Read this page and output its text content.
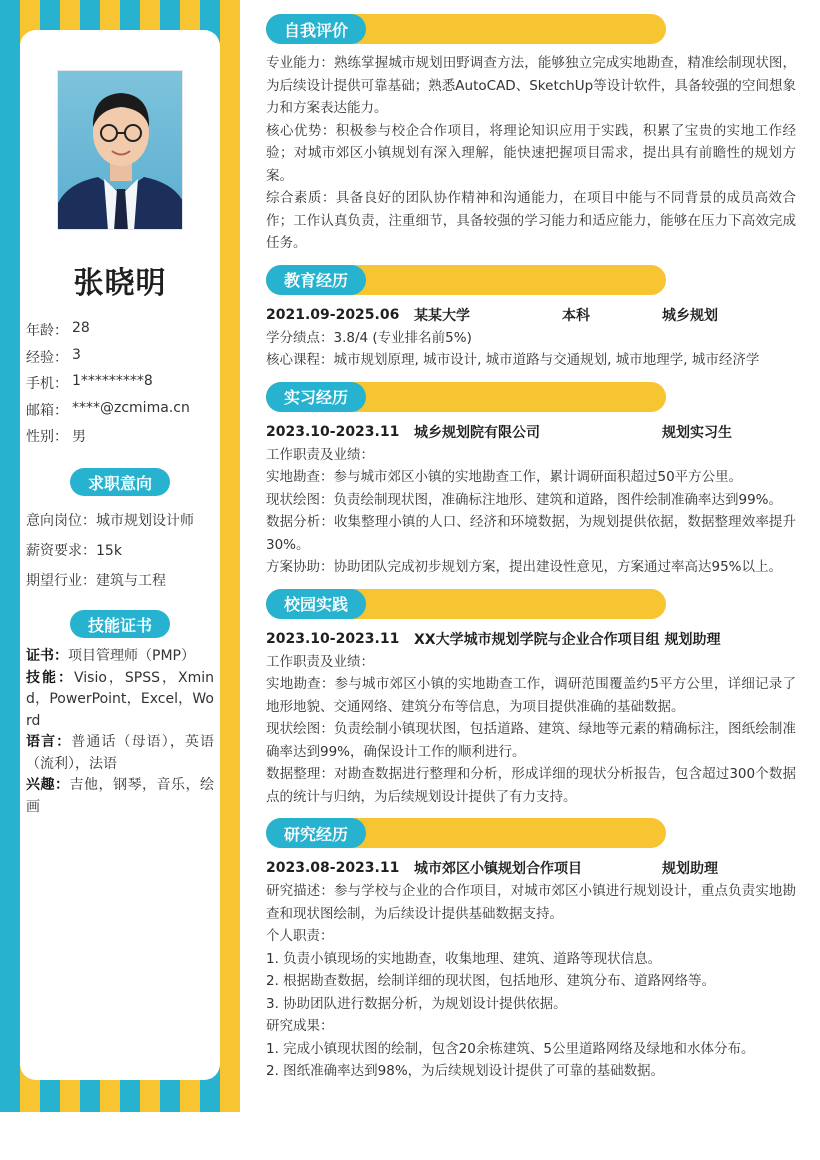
张晓明
年龄： 28
经验： 3
手机： 1*********8
邮箱： ****@zcmima.cn
性别： 男
求职意向
意向岗位：城市规划设计师
薪资要求：15k
期望行业：建筑与工程
技能证书

证书：项目管理师（PMP）

技能：Visio，SPSS，Xmind，PowerPoint，Excel，Word

语言：普通话（母语），英语（流利），法语

兴趣：吉他，钢琴，音乐，绘画

自我评价

专业能力：熟练掌握城市规划田野调查方法，能够独立完成实地勘查，精准绘制现状图，为后续设计提供可靠基础；熟悉AutoCAD、SketchUp等设计软件，具备较强的空间想象力和方案表达能力。

核心优势：积极参与校企合作项目，将理论知识应用于实践，积累了宝贵的实地工作经验；对城市郊区小镇规划有深入理解，能快速把握项目需求，提出具有前瞻性的规划方案。

综合素质：具备良好的团队协作精神和沟通能力，在项目中能与不同背景的成员高效合作；工作认真负责，注重细节，具备较强的学习能力和适应能力，能够在压力下高效完成任务。

教育经历
2021.09-2025.06	某某大学	本科	城乡规划

学分绩点：3.8/4 (专业排名前5%)

核心课程：城市规划原理, 城市设计, 城市道路与交通规划, 城市地理学, 城市经济学

实习经历
2023.10-2023.11	城乡规划院有限公司	规划实习生

工作职责及业绩：

实地勘查：参与城市郊区小镇的实地勘查工作，累计调研面积超过50平方公里。

现状绘图：负责绘制现状图，准确标注地形、建筑和道路，图件绘制准确率达到99%。

数据分析：收集整理小镇的人口、经济和环境数据，为规划提供依据，数据整理效率提升30%。

方案协助：协助团队完成初步规划方案，提出建设性意见，方案通过率高达95%以上。

校园实践
2023.10-2023.11	XX大学城市规划学院与企业合作项目组 规划助理

工作职责及业绩：

实地勘查：参与城市郊区小镇的实地勘查工作，调研范围覆盖约5平方公里，详细记录了地形地貌、交通网络、建筑分布等信息，为项目提供准确的基础数据。

现状绘图：负责绘制小镇现状图，包括道路、建筑、绿地等元素的精确标注，图纸绘制准确率达到99%，确保设计工作的顺利进行。

数据整理：对勘查数据进行整理和分析，形成详细的现状分析报告，包含超过300个数据点的统计与归纳，为后续规划设计提供了有力支持。

研究经历
2023.08-2023.11	城市郊区小镇规划合作项目	规划助理

研究描述：参与学校与企业的合作项目，对城市郊区小镇进行规划设计，重点负责实地勘查和现状图绘制，为后续设计提供基础数据支持。

个人职责：

1. 负责小镇现场的实地勘查，收集地理、建筑、道路等现状信息。

2. 根据勘查数据，绘制详细的现状图，包括地形、建筑分布、道路网络等。

3. 协助团队进行数据分析，为规划设计提供依据。

研究成果：

1. 完成小镇现状图的绘制，包含20余栋建筑、5公里道路网络及绿地和水体分布。

2. 图纸准确率达到98%，为后续规划设计提供了可靠的基础数据。
